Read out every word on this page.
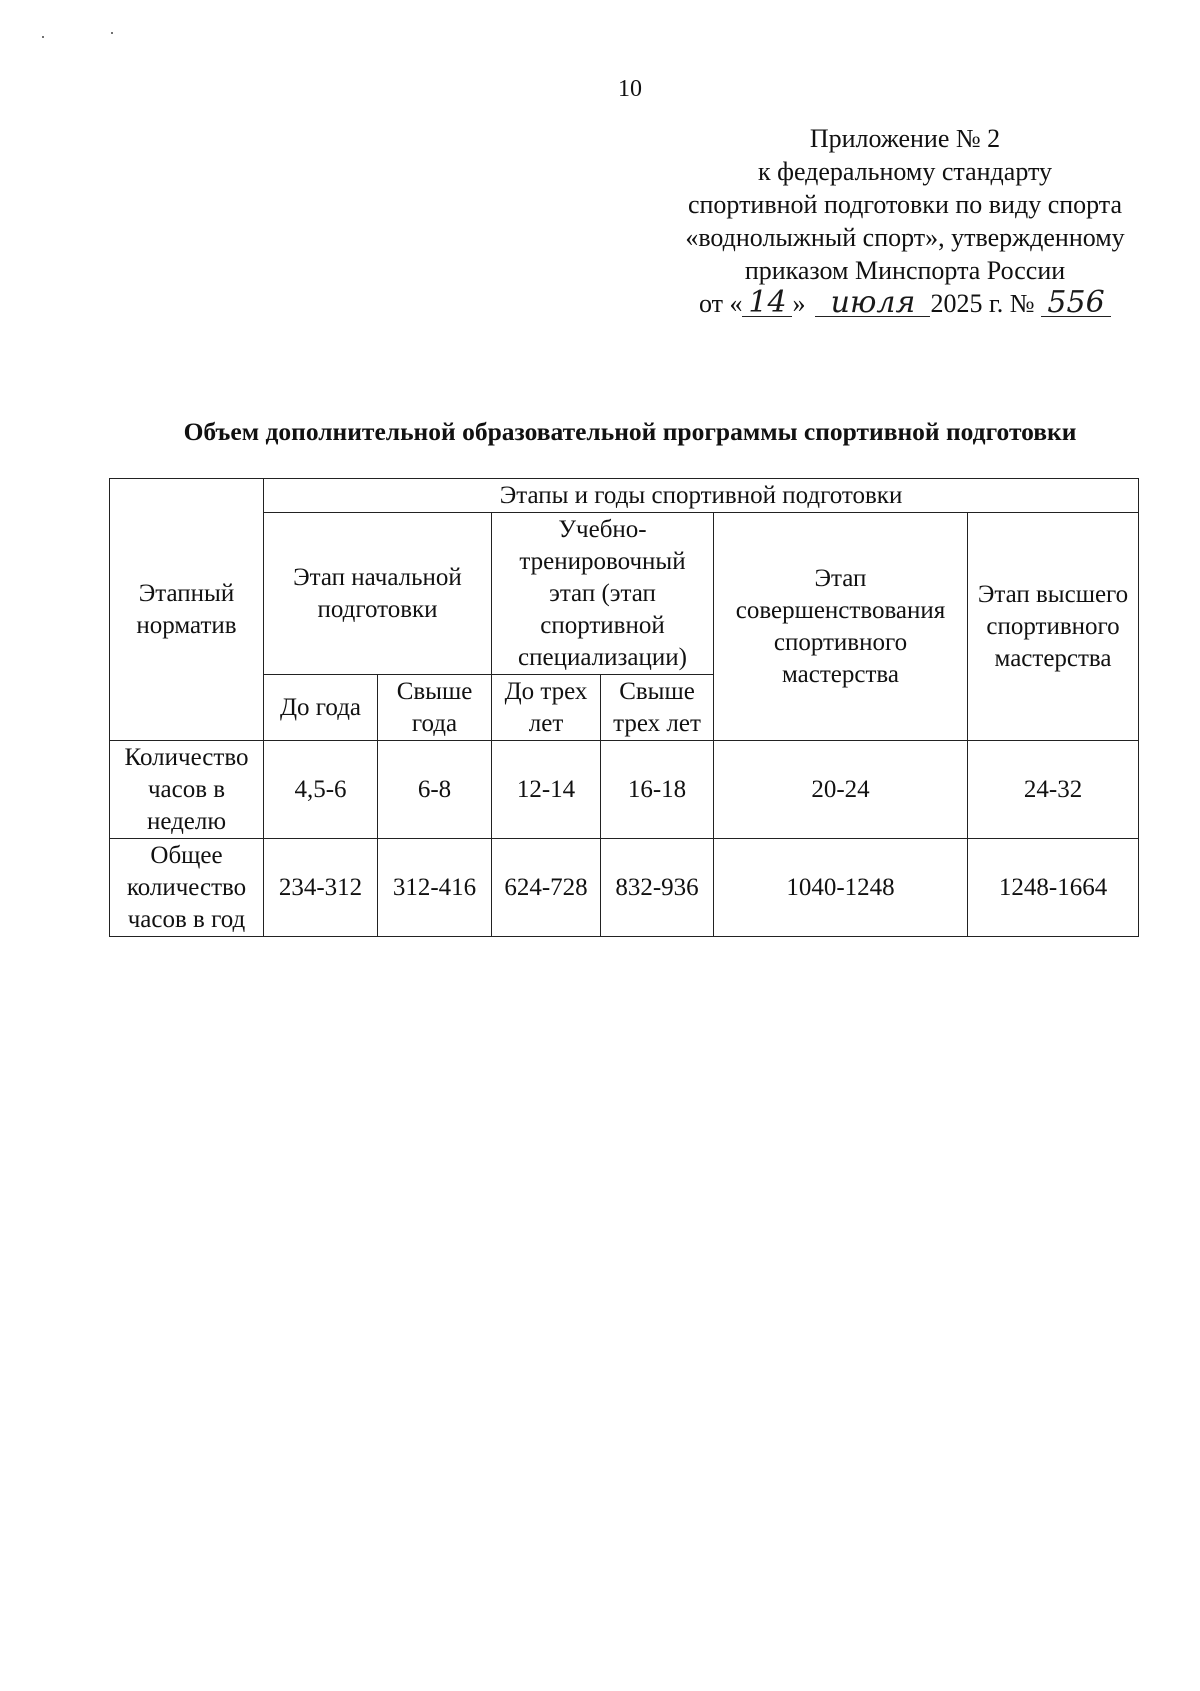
10
Приложение № 2
к федеральному стандарту
спортивной подготовки по виду спорта
«воднолыжный спорт», утвержденному
приказом Минспорта России
от « 14 » июля 2025 г. № 556
Объем дополнительной образовательной программы спортивной подготовки
Этапный норматив	Этапы и годы спортивной подготовки					
	Этап начальной подготовки		Учебно-тренировочный этап (этап спортивной специализации)		Этап совершенствования спортивного мастерства	Этап высшего спортивного мастерства
	До года	Свыше года	До трех лет	Свыше трех лет		
Количество часов в неделю	4,5-6	6-8	12-14	16-18	20-24	24-32
Общее количество часов в год	234-312	312-416	624-728	832-936	1040-1248	1248-1664
